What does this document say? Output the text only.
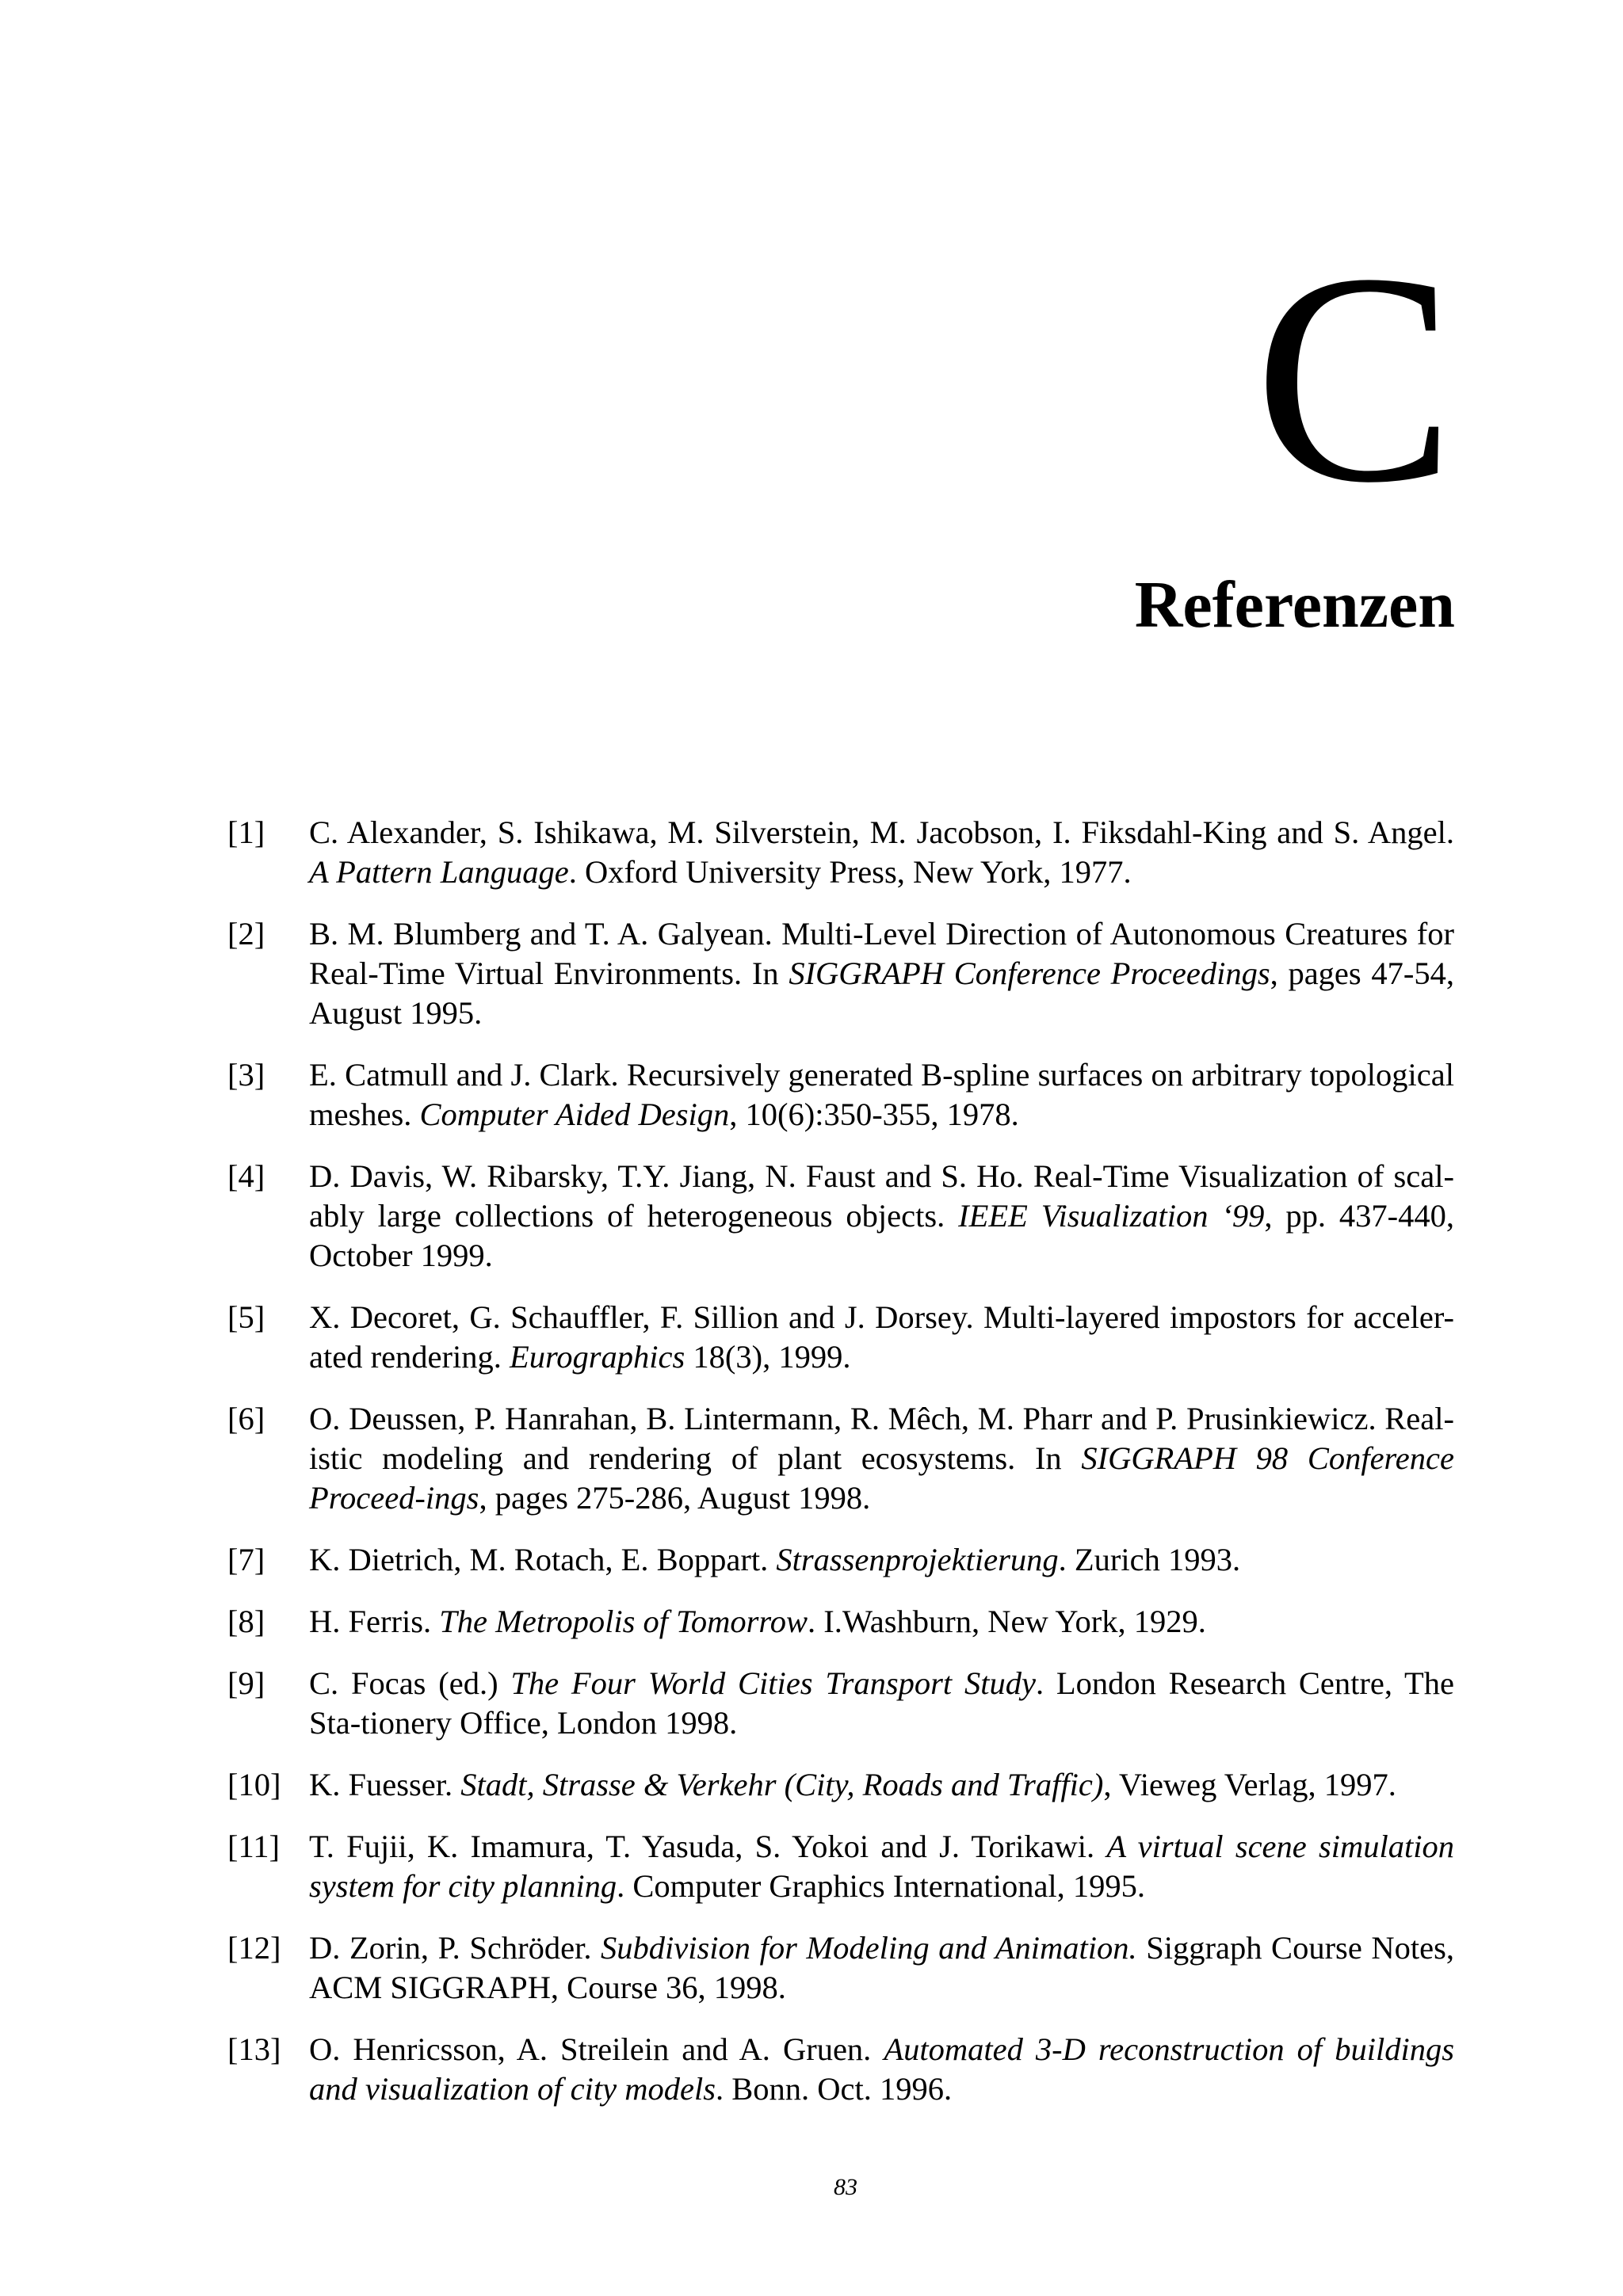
C
Referenzen
[1] C. Alexander, S. Ishikawa, M. Silverstein, M. Jacobson, I. Fiksdahl-King and S. Angel. A Pattern Language. Oxford University Press, New York, 1977.
[2] B. M. Blumberg and T. A. Galyean. Multi-Level Direction of Autonomous Creatures for Real-Time Virtual Environments. In SIGGRAPH Conference Proceedings, pages 47-54, August 1995.
[3] E. Catmull and J. Clark. Recursively generated B-spline surfaces on arbitrary topological meshes. Computer Aided Design, 10(6):350-355, 1978.
[4] D. Davis, W. Ribarsky, T.Y. Jiang, N. Faust and S. Ho. Real-Time Visualization of scal-ably large collections of heterogeneous objects. IEEE Visualization ‘99, pp. 437-440, October 1999.
[5] X. Decoret, G. Schauffler, F. Sillion and J. Dorsey. Multi-layered impostors for acceler-ated rendering. Eurographics 18(3), 1999.
[6] O. Deussen, P. Hanrahan, B. Lintermann, R. Mêch, M. Pharr and P. Prusinkiewicz. Real-istic modeling and rendering of plant ecosystems. In SIGGRAPH 98 Conference Proceed-ings, pages 275-286, August 1998.
[7] K. Dietrich, M. Rotach, E. Boppart. Strassenprojektierung. Zurich 1993.
[8] H. Ferris. The Metropolis of Tomorrow. I.Washburn, New York, 1929.
[9] C. Focas (ed.) The Four World Cities Transport Study. London Research Centre, The Sta-tionery Office, London 1998.
[10] K. Fuesser. Stadt, Strasse & Verkehr (City, Roads and Traffic), Vieweg Verlag, 1997.
[11] T. Fujii, K. Imamura, T. Yasuda, S. Yokoi and J. Torikawi. A virtual scene simulation system for city planning. Computer Graphics International, 1995.
[12] D. Zorin, P. Schröder. Subdivision for Modeling and Animation. Siggraph Course Notes, ACM SIGGRAPH, Course 36, 1998.
[13] O. Henricsson, A. Streilein and A. Gruen. Automated 3-D reconstruction of buildings and visualization of city models. Bonn. Oct. 1996.
83
